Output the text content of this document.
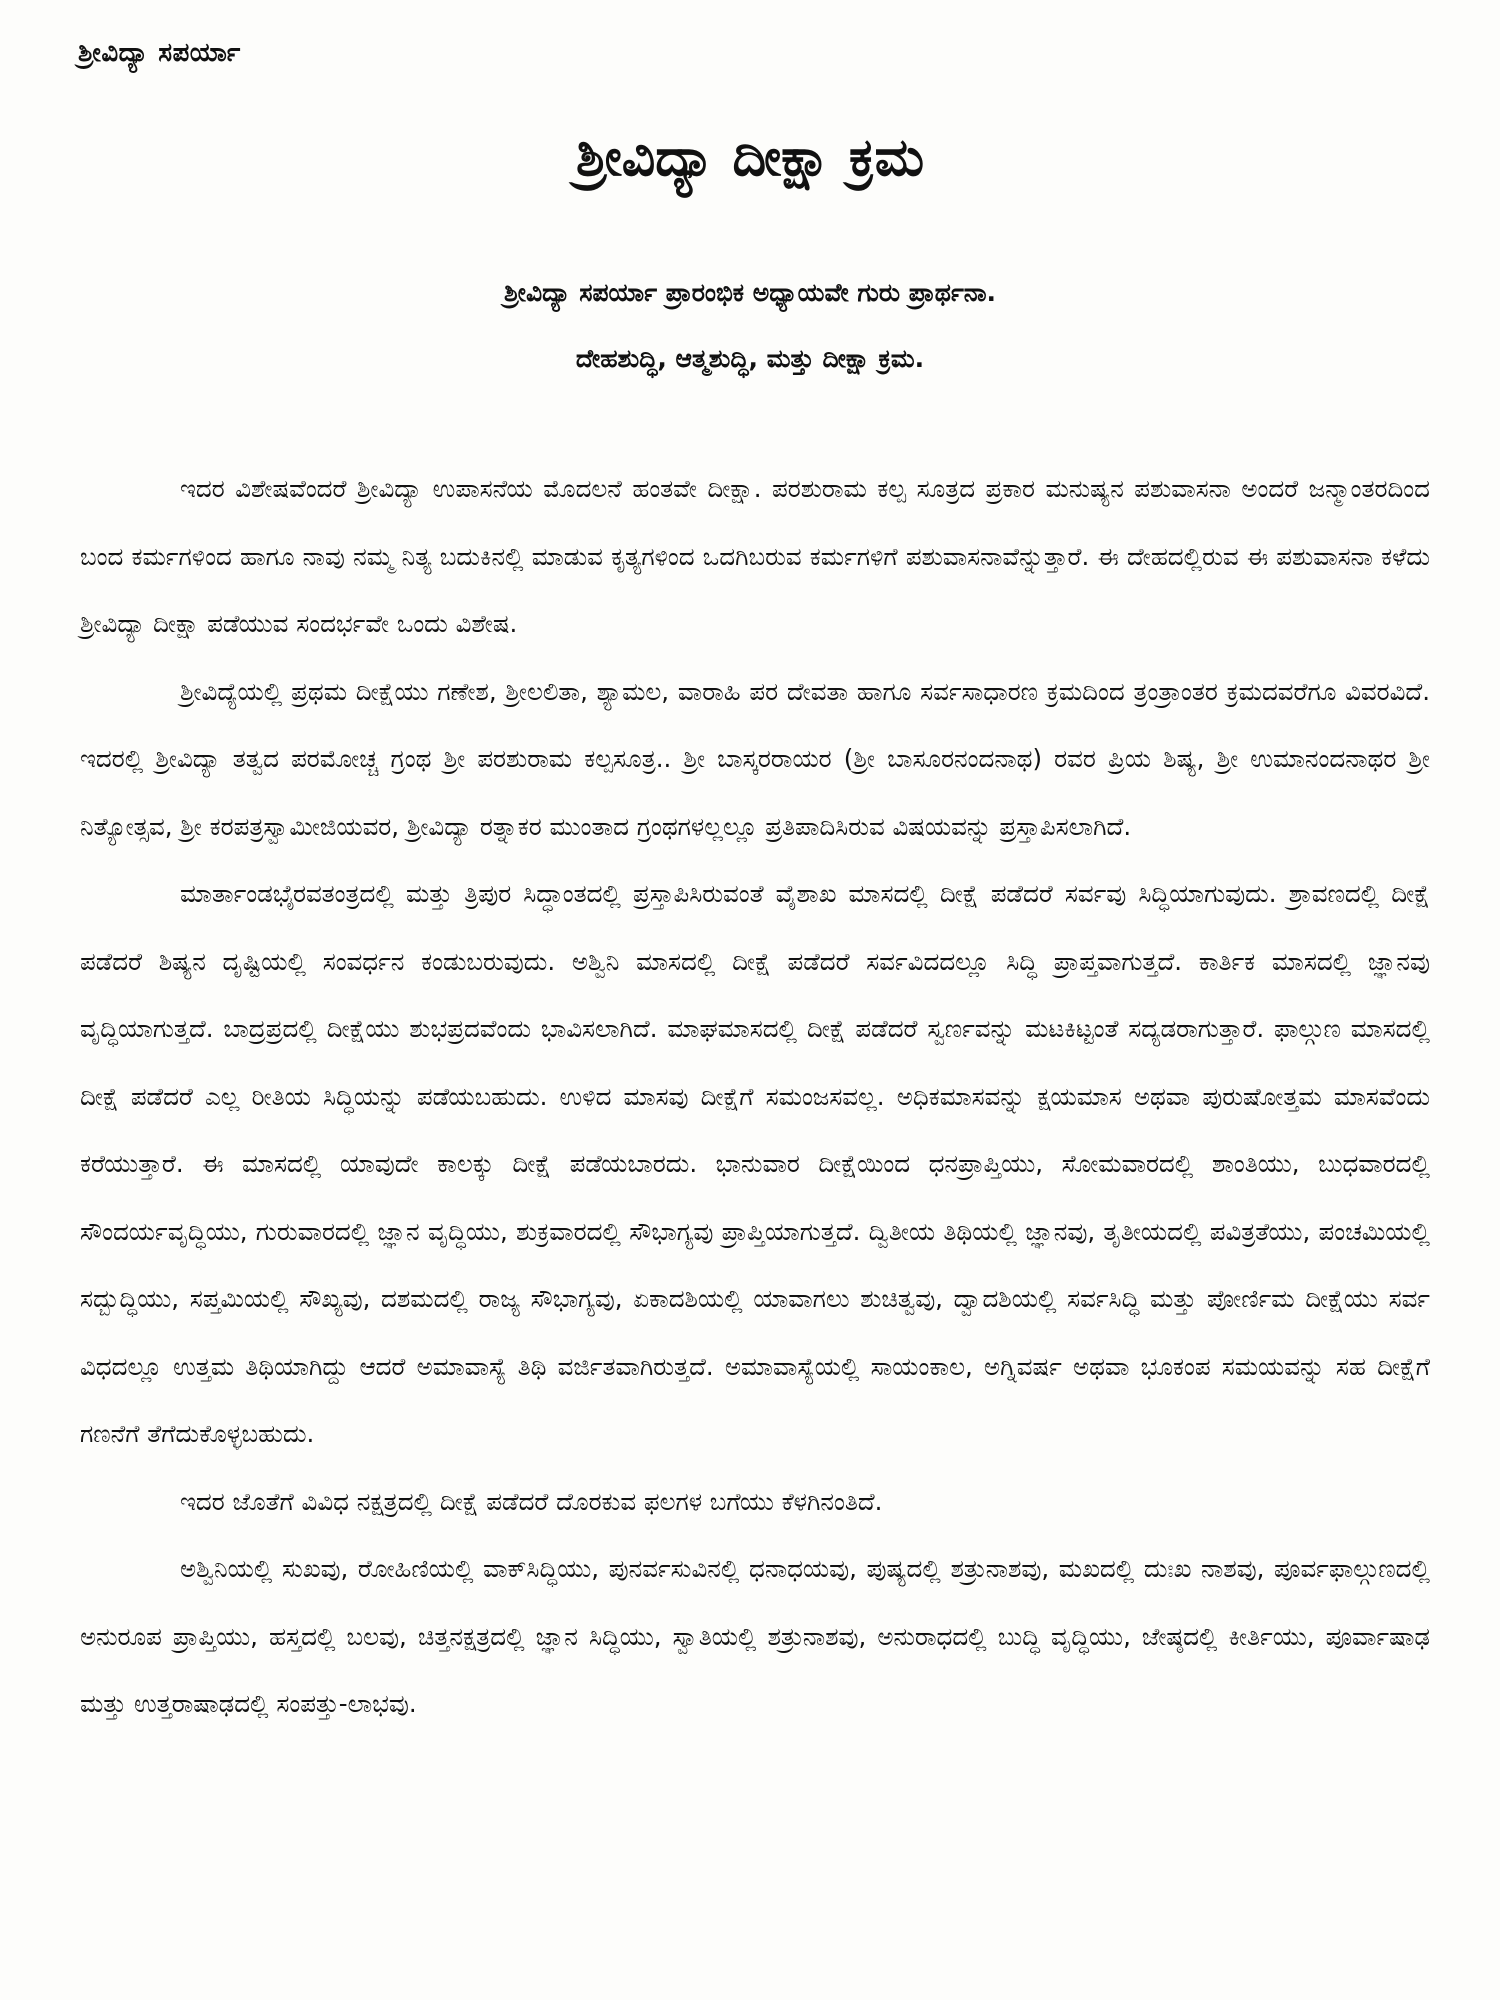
ಶ್ರೀವಿದ್ಯಾ ಸಪರ್ಯಾ
ಶ್ರೀವಿದ್ಯಾ ದೀಕ್ಷಾ ಕ್ರಮ
ಶ್ರೀವಿದ್ಯಾ ಸಪರ್ಯಾ ಪ್ರಾರಂಭಿಕ ಅಧ್ಯಾಯವೇ ಗುರು ಪ್ರಾರ್ಥನಾ.
ದೇಹಶುದ್ಧಿ, ಆತ್ಮಶುದ್ಧಿ, ಮತ್ತು ದೀಕ್ಷಾ ಕ್ರಮ.

ಇದರ ವಿಶೇಷವೆಂದರೆ ಶ್ರೀವಿದ್ಯಾ ಉಪಾಸನೆಯ ಮೊದಲನೆ ಹಂತವೇ ದೀಕ್ಷಾ. ಪರಶುರಾಮ ಕಲ್ಪ ಸೂತ್ರದ ಪ್ರಕಾರ ಮನುಷ್ಯನ ಪಶುವಾಸನಾ ಅಂದರೆ ಜನ್ಮಾಂತರದಿಂದ ಬಂದ ಕರ್ಮಗಳಿಂದ ಹಾಗೂ ನಾವು ನಮ್ಮ ನಿತ್ಯ ಬದುಕಿನಲ್ಲಿ ಮಾಡುವ ಕೃತ್ಯಗಳಿಂದ ಒದಗಿಬರುವ ಕರ್ಮಗಳಿಗೆ ಪಶುವಾಸನಾವೆನ್ನುತ್ತಾರೆ. ಈ ದೇಹದಲ್ಲಿರುವ ಈ ಪಶುವಾಸನಾ ಕಳೆದು ಶ್ರೀವಿದ್ಯಾ ದೀಕ್ಷಾ ಪಡೆಯುವ ಸಂದರ್ಭವೇ ಒಂದು ವಿಶೇಷ.

ಶ್ರೀವಿದ್ಯೆಯಲ್ಲಿ ಪ್ರಥಮ ದೀಕ್ಷೆಯು ಗಣೇಶ, ಶ್ರೀಲಲಿತಾ, ಶ್ಯಾಮಲ, ವಾರಾಹಿ ಪರ ದೇವತಾ ಹಾಗೂ ಸರ್ವಸಾಧಾರಣ ಕ್ರಮದಿಂದ ತ್ರಂತ್ರಾಂತರ ಕ್ರಮದವರೆಗೂ ವಿವರವಿದೆ. ಇದರಲ್ಲಿ ಶ್ರೀವಿದ್ಯಾ ತತ್ವದ ಪರಮೋಚ್ಚ ಗ್ರಂಥ ಶ್ರೀ ಪರಶುರಾಮ ಕಲ್ಪಸೂತ್ರ.. ಶ್ರೀ ಬಾಸ್ಕರರಾಯರ (ಶ್ರೀ ಬಾಸೂರನಂದನಾಥ) ರವರ ಪ್ರಿಯ ಶಿಷ್ಯ, ಶ್ರೀ ಉಮಾನಂದನಾಥರ ಶ್ರೀ ನಿತ್ಯೋತ್ಸವ, ಶ್ರೀ ಕರಪತ್ರಸ್ವಾಮೀಜಿಯವರ, ಶ್ರೀವಿದ್ಯಾ ರತ್ನಾಕರ ಮುಂತಾದ ಗ್ರಂಥಗಳಲ್ಲಲ್ಲೂ ಪ್ರತಿಪಾದಿಸಿರುವ ವಿಷಯವನ್ನು ಪ್ರಸ್ತಾಪಿಸಲಾಗಿದೆ.

ಮಾರ್ತಾಂಡಭೈರವತಂತ್ರದಲ್ಲಿ ಮತ್ತು ತ್ರಿಪುರ ಸಿದ್ಧಾಂತದಲ್ಲಿ ಪ್ರಸ್ತಾಪಿಸಿರುವಂತೆ ವೈಶಾಖ ಮಾಸದಲ್ಲಿ ದೀಕ್ಷೆ ಪಡೆದರೆ ಸರ್ವವು ಸಿದ್ಧಿಯಾಗುವುದು. ಶ್ರಾವಣದಲ್ಲಿ ದೀಕ್ಷೆ ಪಡೆದರೆ ಶಿಷ್ಯನ ದೃಷ್ಟಿಯಲ್ಲಿ ಸಂವರ್ಧನ ಕಂಡುಬರುವುದು. ಅಶ್ವಿನಿ ಮಾಸದಲ್ಲಿ ದೀಕ್ಷೆ ಪಡೆದರೆ ಸರ್ವವಿದದಲ್ಲೂ ಸಿದ್ಧಿ ಪ್ರಾಪ್ತವಾಗುತ್ತದೆ. ಕಾರ್ತಿಕ ಮಾಸದಲ್ಲಿ ಜ್ಞಾನವು ವೃದ್ಧಿಯಾಗುತ್ತದೆ. ಬಾದ್ರಪ್ರದಲ್ಲಿ ದೀಕ್ಷೆಯು ಶುಭಪ್ರದವೆಂದು ಭಾವಿಸಲಾಗಿದೆ. ಮಾಘಮಾಸದಲ್ಲಿ ದೀಕ್ಷೆ ಪಡೆದರೆ ಸ್ವರ್ಣವನ್ನು ಮಟಕಿಟ್ಟಂತೆ ಸದ್ಯಡರಾಗುತ್ತಾರೆ. ಫಾಲ್ಗುಣ ಮಾಸದಲ್ಲಿ ದೀಕ್ಷೆ ಪಡೆದರೆ ಎಲ್ಲ ರೀತಿಯ ಸಿದ್ಧಿಯನ್ನು ಪಡೆಯಬಹುದು. ಉಳಿದ ಮಾಸವು ದೀಕ್ಷೆಗೆ ಸಮಂಜಸವಲ್ಲ. ಅಧಿಕಮಾಸವನ್ನು ಕ್ಷಯಮಾಸ ಅಥವಾ ಪುರುಷೋತ್ತಮ ಮಾಸವೆಂದು ಕರೆಯುತ್ತಾರೆ. ಈ ಮಾಸದಲ್ಲಿ ಯಾವುದೇ ಕಾಲಕ್ಕು ದೀಕ್ಷೆ ಪಡೆಯಬಾರದು. ಭಾನುವಾರ ದೀಕ್ಷೆಯಿಂದ ಧನಪ್ರಾಪ್ತಿಯು, ಸೋಮವಾರದಲ್ಲಿ ಶಾಂತಿಯು, ಬುಧವಾರದಲ್ಲಿ ಸೌಂದರ್ಯವೃದ್ಧಿಯು, ಗುರುವಾರದಲ್ಲಿ ಜ್ಞಾನ ವೃದ್ಧಿಯು, ಶುಕ್ರವಾರದಲ್ಲಿ ಸೌಭಾಗ್ಯವು ಪ್ರಾಪ್ತಿಯಾಗುತ್ತದೆ. ದ್ವಿತೀಯ ತಿಥಿಯಲ್ಲಿ ಜ್ಞಾನವು, ತೃತೀಯದಲ್ಲಿ ಪವಿತ್ರತೆಯು, ಪಂಚಮಿಯಲ್ಲಿ ಸದ್ಬುದ್ಧಿಯು, ಸಪ್ತಮಿಯಲ್ಲಿ ಸೌಖ್ಯವು, ದಶಮದಲ್ಲಿ ರಾಜ್ಯ ಸೌಭಾಗ್ಯವು, ಏಕಾದಶಿಯಲ್ಲಿ ಯಾವಾಗಲು ಶುಚಿತ್ವವು, ದ್ವಾದಶಿಯಲ್ಲಿ ಸರ್ವಸಿದ್ಧಿ ಮತ್ತು ಪೋರ್ಣಿಮ ದೀಕ್ಷೆಯು ಸರ್ವ ವಿಧದಲ್ಲೂ ಉತ್ತಮ ತಿಥಿಯಾಗಿದ್ದು ಆದರೆ ಅಮಾವಾಸ್ಯೆ ತಿಥಿ ವರ್ಜಿತವಾಗಿರುತ್ತದೆ. ಅಮಾವಾಸ್ಯೆಯಲ್ಲಿ ಸಾಯಂಕಾಲ, ಅಗ್ನಿವರ್ಷ ಅಥವಾ ಭೂಕಂಪ ಸಮಯವನ್ನು ಸಹ ದೀಕ್ಷೆಗೆ ಗಣನೆಗೆ ತೆಗೆದುಕೊಳ್ಳಬಹುದು.

ಇದರ ಜೊತೆಗೆ ವಿವಿಧ ನಕ್ಷತ್ರದಲ್ಲಿ ದೀಕ್ಷೆ ಪಡೆದರೆ ದೊರಕುವ ಫಲಗಳ ಬಗೆಯು ಕೆಳಗಿನಂತಿದೆ.

ಅಶ್ವಿನಿಯಲ್ಲಿ ಸುಖವು, ರೋಹಿಣಿಯಲ್ಲಿ ವಾಕ್‌ಸಿದ್ಧಿಯು, ಪುನರ್ವಸುವಿನಲ್ಲಿ ಧನಾಧಯವು, ಪುಷ್ಯದಲ್ಲಿ ಶತ್ರುನಾಶವು, ಮಖದಲ್ಲಿ ದುಃಖ ನಾಶವು, ಪೂರ್ವಫಾಲ್ಗುಣದಲ್ಲಿ ಅನುರೂಪ ಪ್ರಾಪ್ತಿಯು, ಹಸ್ತದಲ್ಲಿ ಬಲವು, ಚಿತ್ತನಕ್ಷತ್ರದಲ್ಲಿ ಜ್ಞಾನ ಸಿದ್ಧಿಯು, ಸ್ವಾತಿಯಲ್ಲಿ ಶತ್ರುನಾಶವು, ಅನುರಾಧದಲ್ಲಿ ಬುದ್ಧಿ ವೃದ್ಧಿಯು, ಜೇಷ್ಠದಲ್ಲಿ ಕೀರ್ತಿಯು, ಪೂರ್ವಾಷಾಢ ಮತ್ತು ಉತ್ತರಾಷಾಢದಲ್ಲಿ ಸಂಪತ್ತು-ಲಾಭವು.
